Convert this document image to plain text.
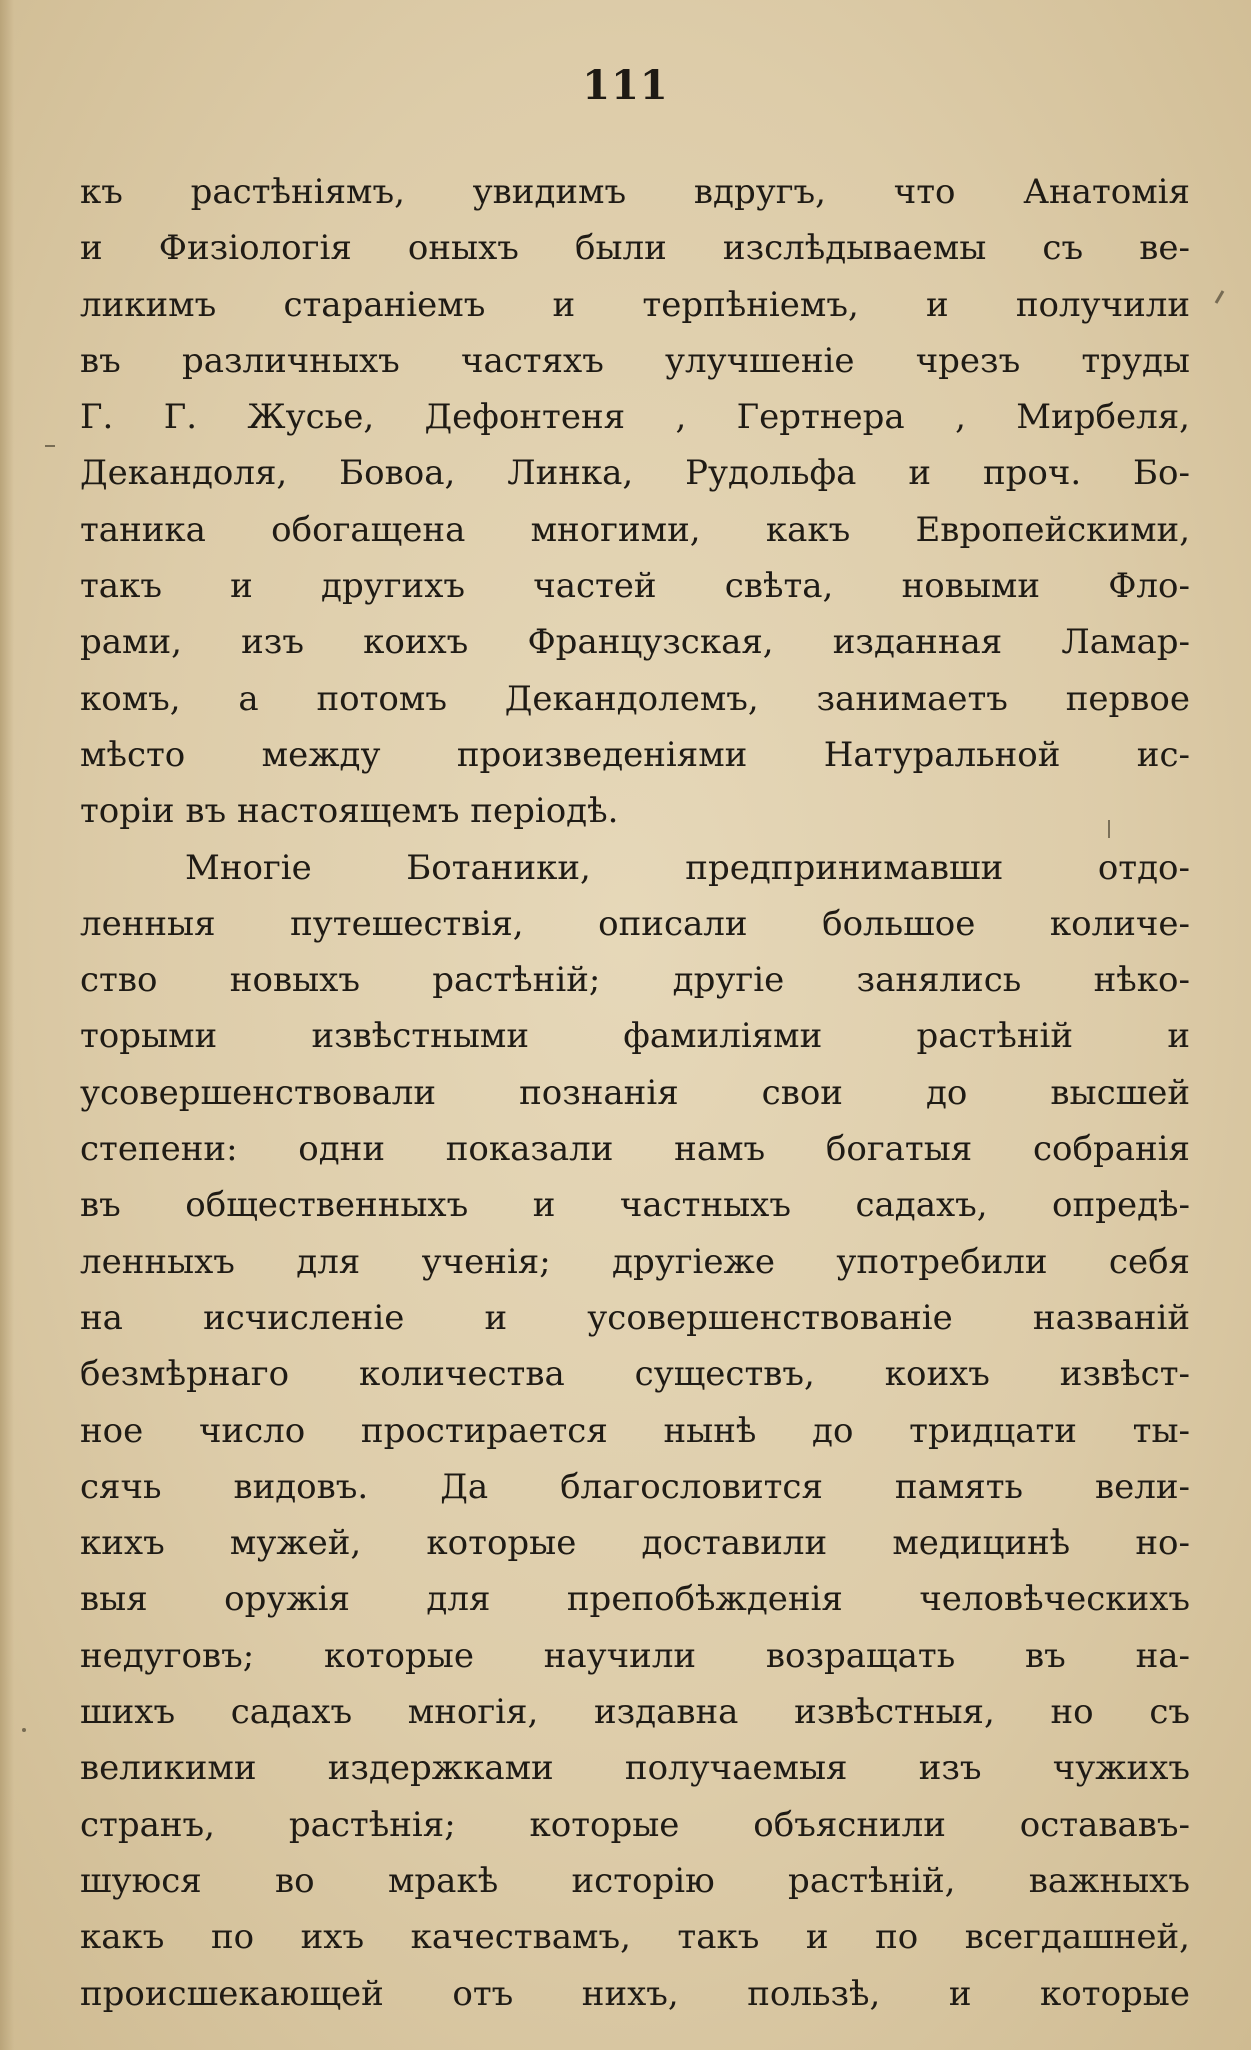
111
къ растѣніямъ, увидимъ вдругъ, что Анатомія
и Физіологія оныхъ были изслѣдываемы съ ве-
ликимъ стараніемъ и терпѣніемъ, и получили
въ различныхъ частяхъ улучшеніе чрезъ труды
Г. Г. Жусье, Дефонтеня , Гертнера , Мирбеля,
Декандоля, Бовоа, Линка, Рудольфа и проч. Бо-
таника обогащена многими, какъ Европейскими,
такъ и другихъ частей свѣта, новыми Фло-
рами, изъ коихъ Французская, изданная Ламар-
комъ, а потомъ Декандолемъ, занимаетъ первое
мѣсто между произведеніями Натуральной ис-
торіи въ настоящемъ періодѣ.
Многіе Ботаники, предпринимавши отдо-
ленныя путешествія, описали большое количе-
ство новыхъ растѣній; другіе занялись нѣко-
торыми извѣстными фамиліями растѣній и
усовершенствовали познанія свои до высшей
степени: одни показали намъ богатыя собранія
въ общественныхъ и частныхъ садахъ, опредѣ-
ленныхъ для ученія; другіеже употребили себя
на исчисленіе и усовершенствованіе названій
безмѣрнаго количества существъ, коихъ извѣст-
ное число простирается нынѣ до тридцати ты-
сячь видовъ. Да благословится память вели-
кихъ мужей, которые доставили медицинѣ но-
выя оружія для препобѣжденія человѣческихъ
недуговъ; которые научили возращать въ на-
шихъ садахъ многія, издавна извѣстныя, но съ
великими издержками получаемыя изъ чужихъ
странъ, растѣнія; которые объяснили остававъ-
шуюся во мракѣ исторію растѣній, важныхъ
какъ по ихъ качествамъ, такъ и по всегдашней,
происшекающей отъ нихъ, пользѣ, и которые
